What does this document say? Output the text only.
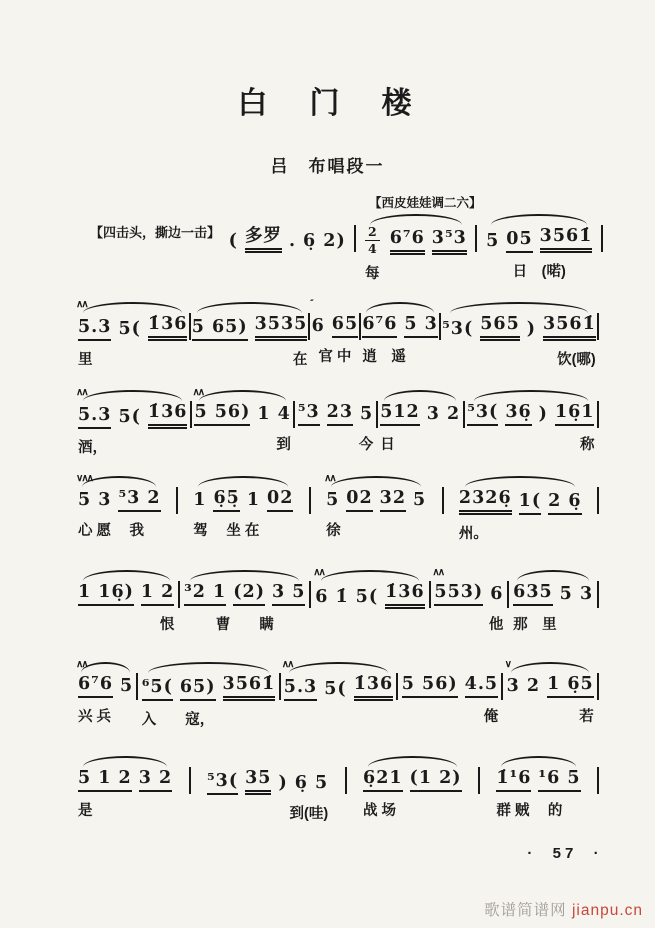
白　门　楼
吕　布唱段一
【四击头，撕边一击】 ( 多罗 . 6̣ 2)
【西皮娃娃调二六】
$\frac{2}{4} 6^76$ 3⁵3
每
5 05 3561̇
日　(喏)
∧∧
5.3 5( 1̇36
里
5 65) 3535
在
ˊˊ
6 65
官 中
6⁷6 5 3
逍　遥
⁵3( 565 ) 3561̇
饮(哪)
∧∧
5.3 5( 1̇36
酒，
∧∧
5 56) 1 4
到
⁵3 23 5
今
512 3 2
日
⁵3( 36̣ ) 16̣1
称
∨∧∧
5 3 ⁵3 2
心 愿　 我
1 6̣5̣ 1 02
驾　 坐 在
∧∧
5 02 32 5
徐
2326̣ 1( 2 6̣
州。
1 16̣) 1 2
恨
³2 1 (2) 3 5
曹　　瞒
∧∧
6 1̇ 5( 1̇36
∧∧
553) 6
他
635 5 3
那　里
∧∧
6⁷6 5
兴 兵
⁶5( 65) 3561̇
入　　寇，
∧∧
5.3 5( 1̇36 5 56) 4.5
俺
∨
3 2 1 6̣5
若
5 1 2 3 2
是
⁵3( 35 ) 6̣ 5
到(哇)
6̣21 (1 2)
战 场
1̇¹6 ¹6 5
群 贼　 的
·  57  ·
歌谱简谱网 jianpu.cn
